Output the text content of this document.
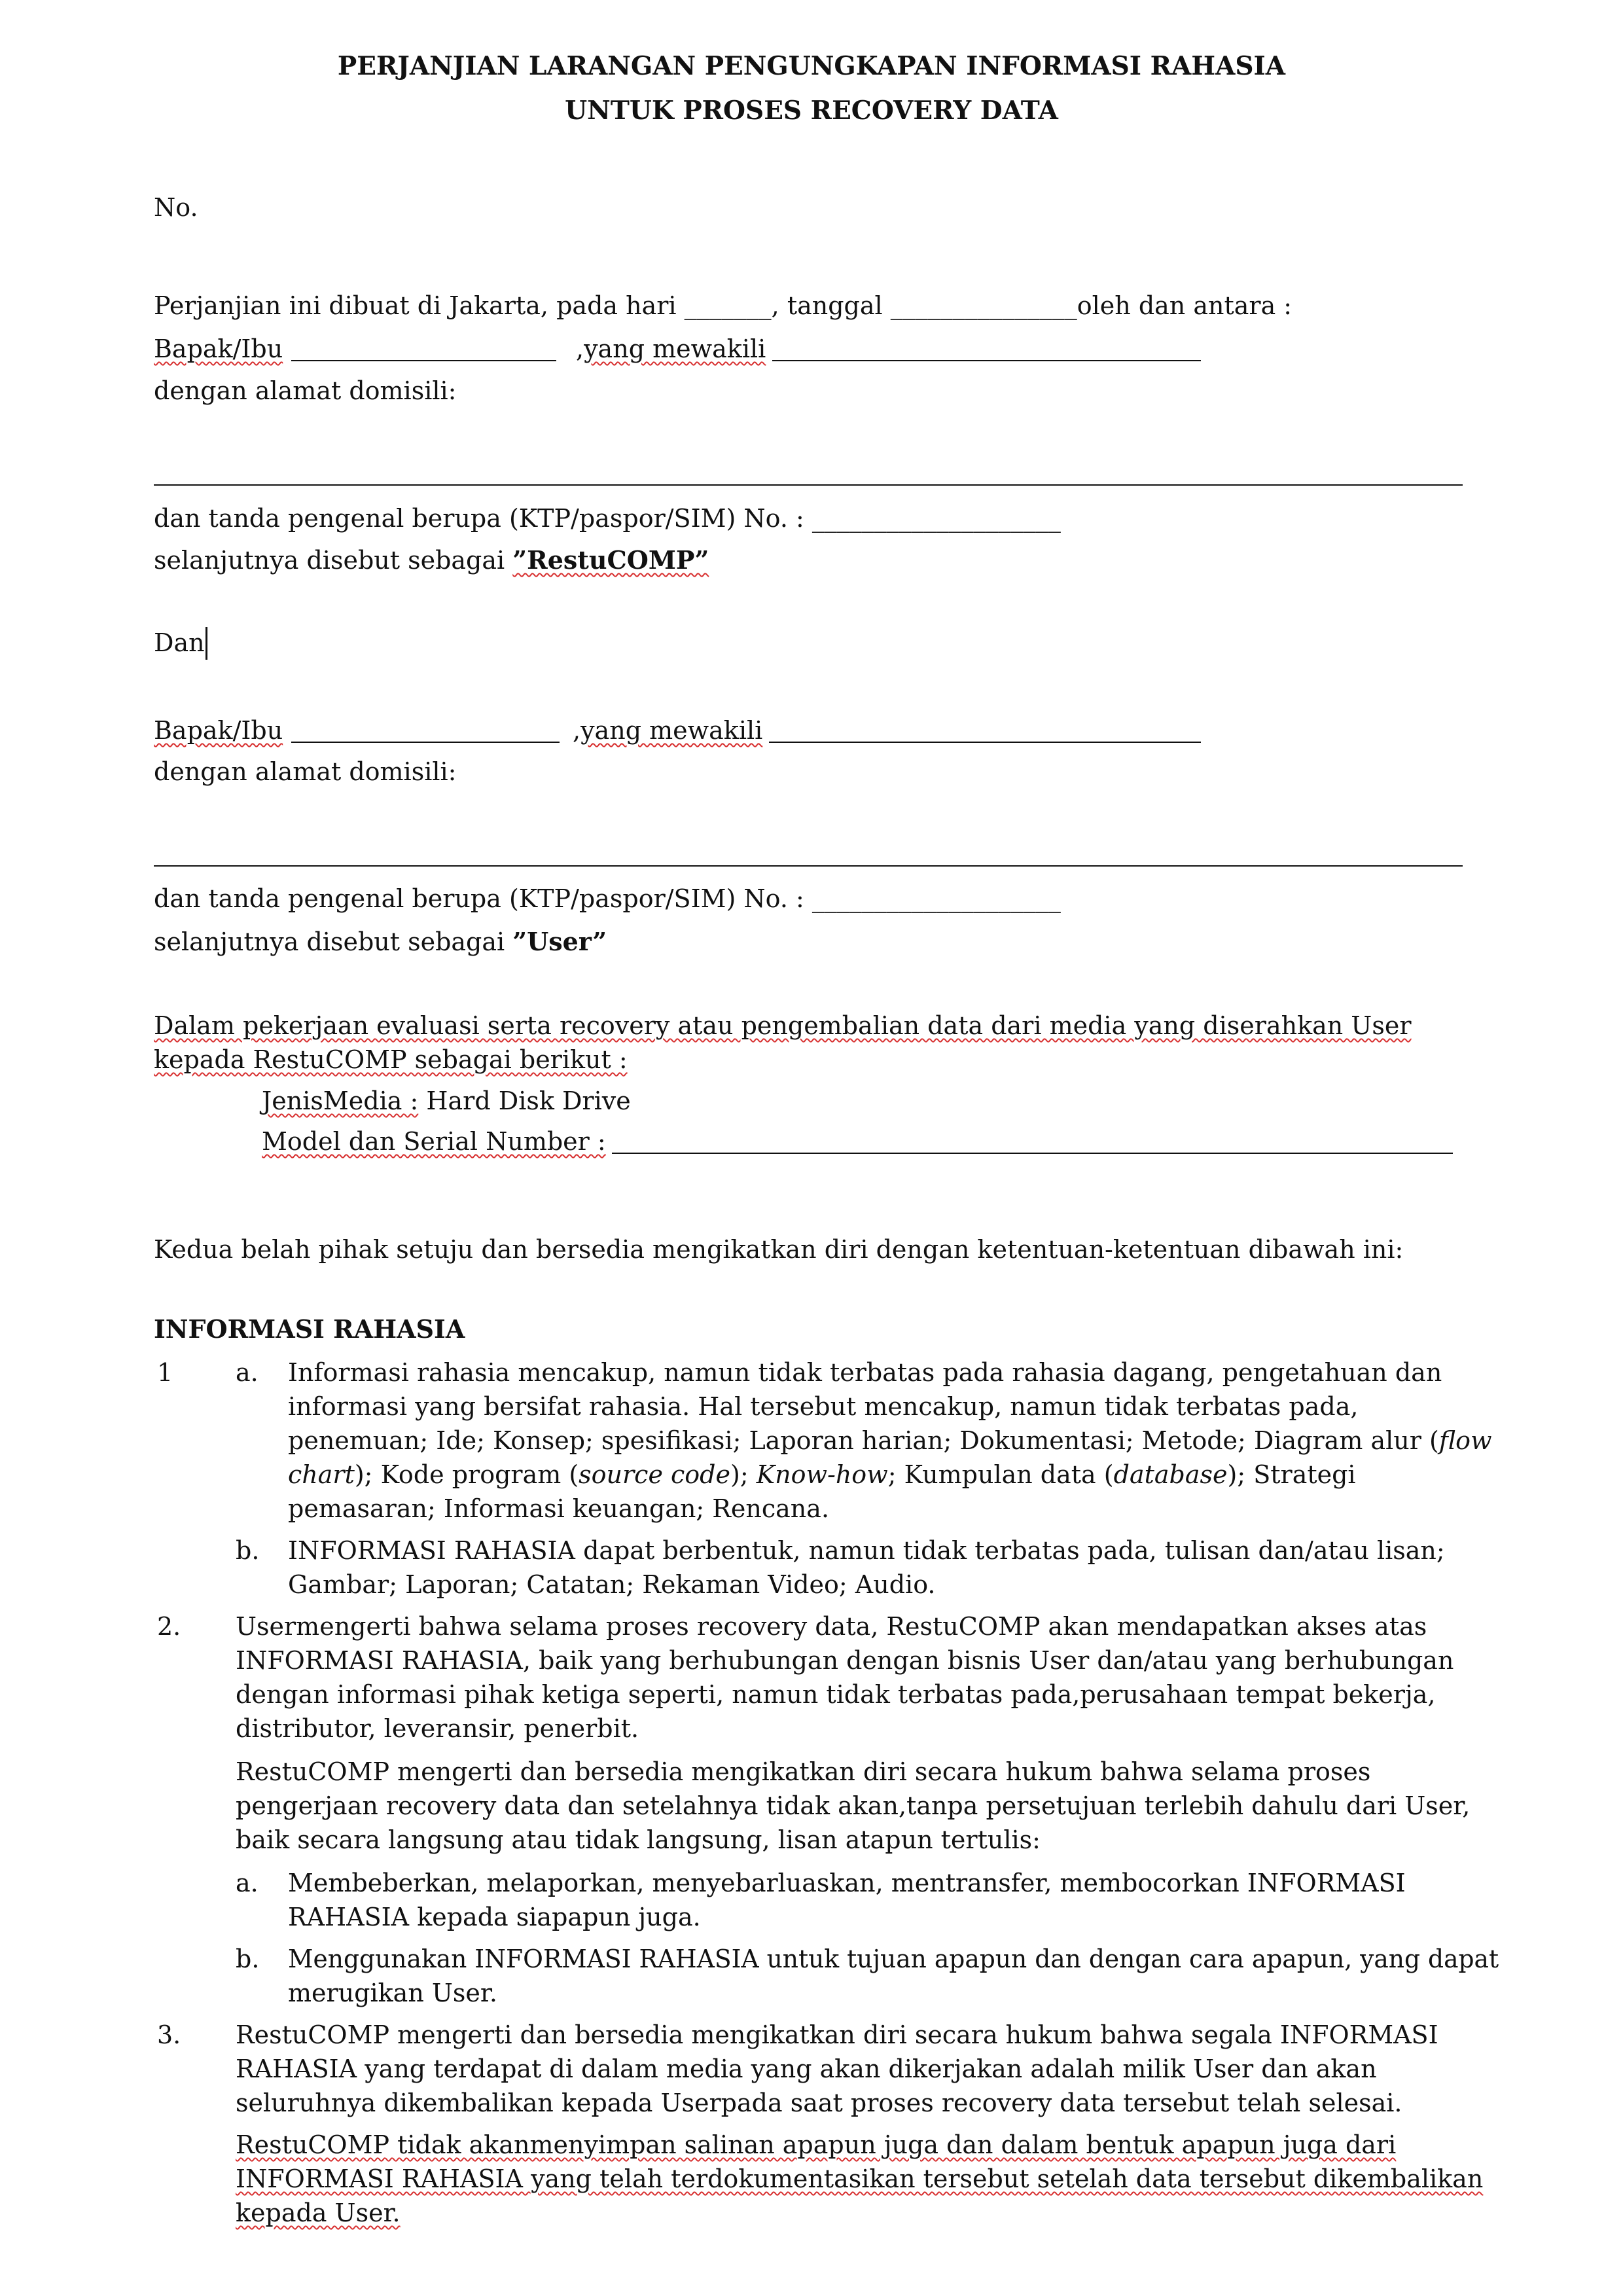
PERJANJIAN LARANGAN PENGUNGKAPAN INFORMASI RAHASIA
UNTUK PROSES RECOVERY DATA
No.
Perjanjian ini dibuat di Jakarta, pada hari _______, tanggal _______________oleh dan antara :
Bapak/Ibu	,yang mewakili
dengan alamat domisili:
dan tanda pengenal berupa (KTP/paspor/SIM) No. : ____________________
selanjutnya disebut sebagai ”RestuCOMP”
Dan
Bapak/Ibu	,yang mewakili
dengan alamat domisili:
dan tanda pengenal berupa (KTP/paspor/SIM) No. : ____________________
selanjutnya disebut sebagai ”User”
Dalam pekerjaan evaluasi serta recovery atau pengembalian data dari media yang diserahkan User
kepada RestuCOMP sebagai berikut :
JenisMedia : Hard Disk Drive
Model dan Serial Number :
Kedua belah pihak setuju dan bersedia mengikatkan diri dengan ketentuan-ketentuan dibawah ini:
INFORMASI RAHASIA
1	a. Informasi rahasia mencakup, namun tidak terbatas pada rahasia dagang, pengetahuan dan
informasi yang bersifat rahasia. Hal tersebut mencakup, namun tidak terbatas pada,
penemuan; Ide; Konsep; spesifikasi; Laporan harian; Dokumentasi; Metode; Diagram alur (flow
chart); Kode program (source code); Know-how; Kumpulan data (database); Strategi
pemasaran; Informasi keuangan; Rencana.
b. INFORMASI RAHASIA dapat berbentuk, namun tidak terbatas pada, tulisan dan/atau lisan;
Gambar; Laporan; Catatan; Rekaman Video; Audio.
2. Usermengerti bahwa selama proses recovery data, RestuCOMP akan mendapatkan akses atas
INFORMASI RAHASIA, baik yang berhubungan dengan bisnis User dan/atau yang berhubungan
dengan informasi pihak ketiga seperti, namun tidak terbatas pada,perusahaan tempat bekerja,
distributor, leveransir, penerbit.
RestuCOMP mengerti dan bersedia mengikatkan diri secara hukum bahwa selama proses
pengerjaan recovery data dan setelahnya tidak akan,tanpa persetujuan terlebih dahulu dari User,
baik secara langsung atau tidak langsung, lisan atapun tertulis:
a. Membeberkan, melaporkan, menyebarluaskan, mentransfer, membocorkan INFORMASI
RAHASIA kepada siapapun juga.
b. Menggunakan INFORMASI RAHASIA untuk tujuan apapun dan dengan cara apapun, yang dapat
merugikan User.
3. RestuCOMP mengerti dan bersedia mengikatkan diri secara hukum bahwa segala INFORMASI
RAHASIA yang terdapat di dalam media yang akan dikerjakan adalah milik User dan akan
seluruhnya dikembalikan kepada Userpada saat proses recovery data tersebut telah selesai.
RestuCOMP tidak akanmenyimpan salinan apapun juga dan dalam bentuk apapun juga dari
INFORMASI RAHASIA yang telah terdokumentasikan tersebut setelah data tersebut dikembalikan
kepada User.
